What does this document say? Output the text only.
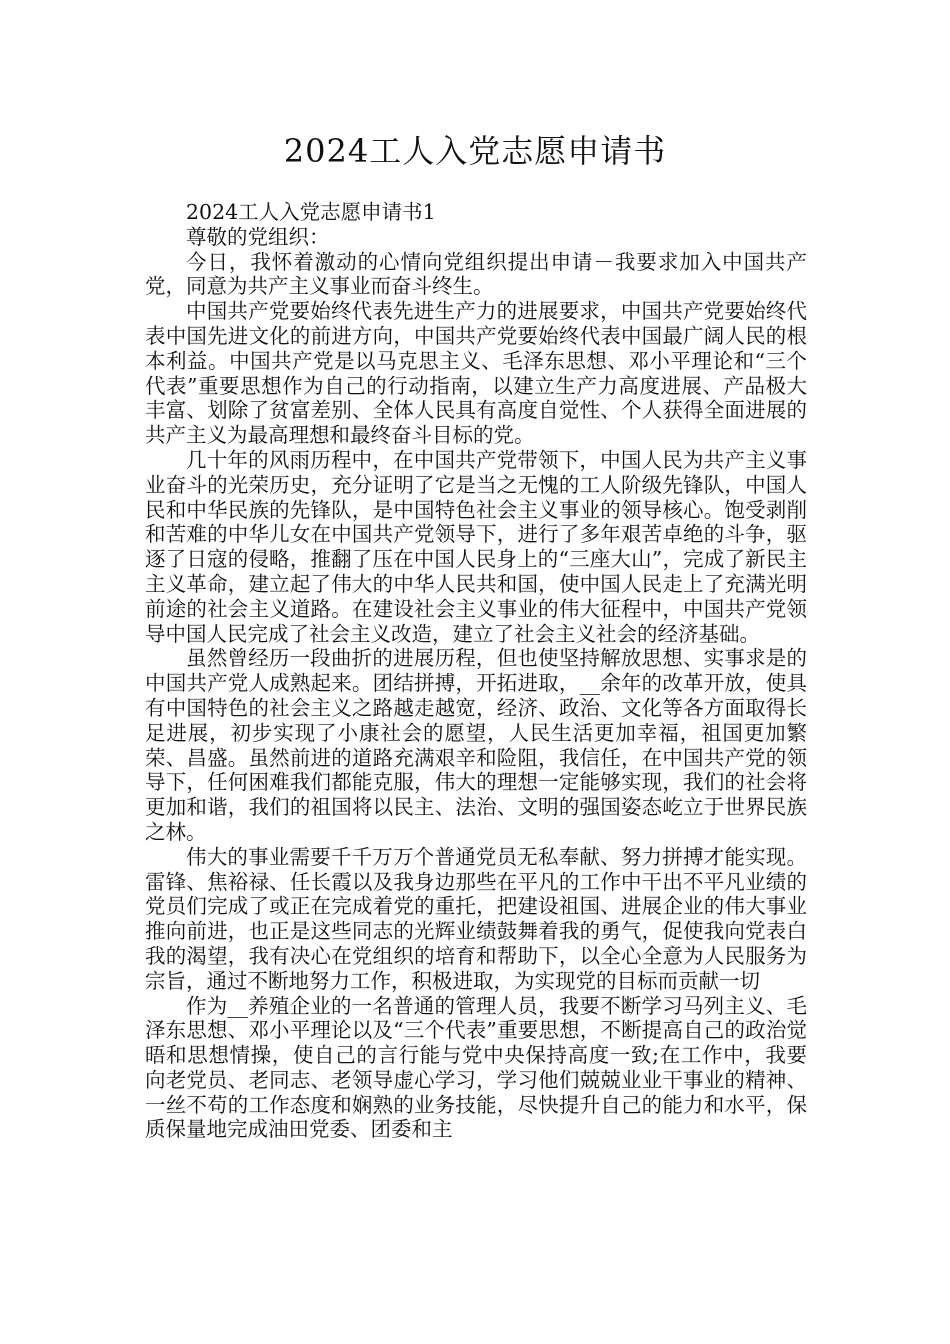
2024工人入党志愿申请书

2024工人入党志愿申请书1

尊敬的党组织：

今日，我怀着激动的心情向党组织提出申请－我要求加入中国共产党，同意为共产主义事业而奋斗终生。

中国共产党要始终代表先进生产力的进展要求，中国共产党要始终代表中国先进文化的前进方向，中国共产党要始终代表中国最广阔人民的根本利益。中国共产党是以马克思主义、毛泽东思想、邓小平理论和“三个代表”重要思想作为自己的行动指南，以建立生产力高度进展、产品极大丰富、划除了贫富差别、全体人民具有高度自觉性、个人获得全面进展的共产主义为最高理想和最终奋斗目标的党。

几十年的风雨历程中，在中国共产党带领下，中国人民为共产主义事业奋斗的光荣历史，充分证明了它是当之无愧的工人阶级先锋队，中国人民和中华民族的先锋队，是中国特色社会主义事业的领导核心。饱受剥削和苦难的中华儿女在中国共产党领导下，进行了多年艰苦卓绝的斗争，驱逐了日寇的侵略，推翻了压在中国人民身上的“三座大山”，完成了新民主主义革命，建立起了伟大的中华人民共和国，使中国人民走上了充满光明前途的社会主义道路。在建设社会主义事业的伟大征程中，中国共产党领导中国人民完成了社会主义改造，建立了社会主义社会的经济基础。

虽然曾经历一段曲折的进展历程，但也使坚持解放思想、实事求是的中国共产党人成熟起来。团结拼搏，开拓进取，__余年的改革开放，使具有中国特色的社会主义之路越走越宽，经济、政治、文化等各方面取得长足进展，初步实现了小康社会的愿望，人民生活更加幸福，祖国更加繁荣、昌盛。虽然前进的道路充满艰辛和险阻，我信任，在中国共产党的领导下，任何困难我们都能克服，伟大的理想一定能够实现，我们的社会将更加和谐，我们的祖国将以民主、法治、文明的强国姿态屹立于世界民族之林。

伟大的事业需要千千万万个普通党员无私奉献、努力拼搏才能实现。雷锋、焦裕禄、任长霞以及我身边那些在平凡的工作中干出不平凡业绩的党员们完成了或正在完成着党的重托，把建设祖国、进展企业的伟大事业推向前进，也正是这些同志的光辉业绩鼓舞着我的勇气，促使我向党表白我的渴望，我有决心在党组织的培育和帮助下，以全心全意为人民服务为宗旨，通过不断地努力工作，积极进取，为实现党的目标而贡献一切

作为__养殖企业的一名普通的管理人员，我要不断学习马列主义、毛泽东思想、邓小平理论以及“三个代表”重要思想，不断提高自己的政治觉晤和思想情操，使自己的言行能与党中央保持高度一致;在工作中，我要向老党员、老同志、老领导虚心学习，学习他们兢兢业业干事业的精神、一丝不苟的工作态度和娴熟的业务技能，尽快提升自己的能力和水平，保质保量地完成油田党委、团委和主
